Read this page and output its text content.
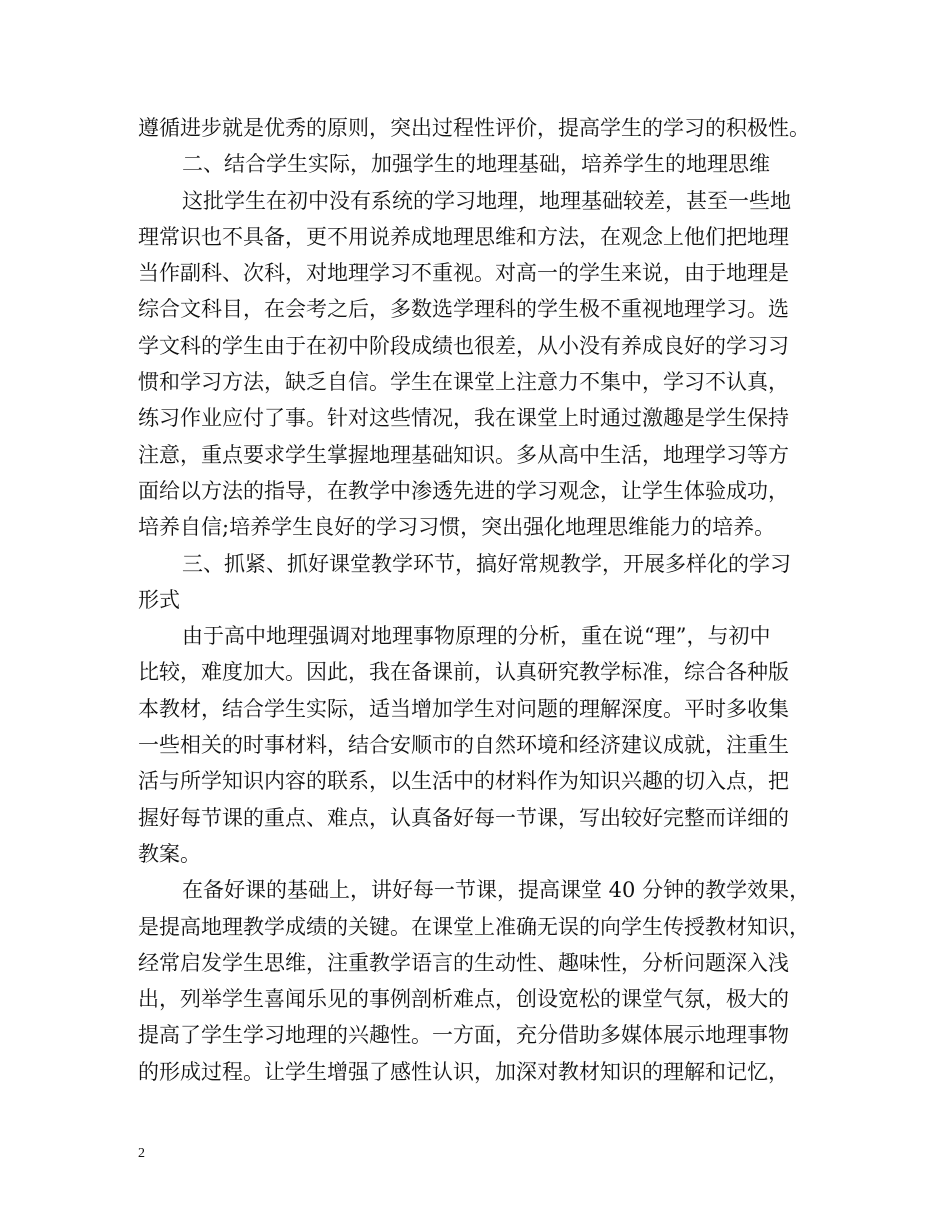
遵循进步就是优秀的原则，突出过程性评价，提高学生的学习的积极性。
二、结合学生实际，加强学生的地理基础，培养学生的地理思维
这批学生在初中没有系统的学习地理，地理基础较差，甚至一些地
理常识也不具备，更不用说养成地理思维和方法，在观念上他们把地理
当作副科、次科，对地理学习不重视。对高一的学生来说，由于地理是
综合文科目，在会考之后，多数选学理科的学生极不重视地理学习。选
学文科的学生由于在初中阶段成绩也很差，从小没有养成良好的学习习
惯和学习方法，缺乏自信。学生在课堂上注意力不集中，学习不认真，
练习作业应付了事。针对这些情况，我在课堂上时通过激趣是学生保持
注意，重点要求学生掌握地理基础知识。多从高中生活，地理学习等方
面给以方法的指导，在教学中渗透先进的学习观念，让学生体验成功，
培养自信;培养学生良好的学习习惯，突出强化地理思维能力的培养。
三、抓紧、抓好课堂教学环节，搞好常规教学，开展多样化的学习
形式
由于高中地理强调对地理事物原理的分析，重在说“理”，与初中
比较，难度加大。因此，我在备课前，认真研究教学标准，综合各种版
本教材，结合学生实际，适当增加学生对问题的理解深度。平时多收集
一些相关的时事材料，结合安顺市的自然环境和经济建议成就，注重生
活与所学知识内容的联系，以生活中的材料作为知识兴趣的切入点，把
握好每节课的重点、难点，认真备好每一节课，写出较好完整而详细的
教案。
在备好课的基础上，讲好每一节课，提高课堂 40 分钟的教学效果，
是提高地理教学成绩的关键。在课堂上准确无误的向学生传授教材知识，
经常启发学生思维，注重教学语言的生动性、趣味性，分析问题深入浅
出，列举学生喜闻乐见的事例剖析难点，创设宽松的课堂气氛，极大的
提高了学生学习地理的兴趣性。一方面，充分借助多媒体展示地理事物
的形成过程。让学生增强了感性认识，加深对教材知识的理解和记忆，
2
